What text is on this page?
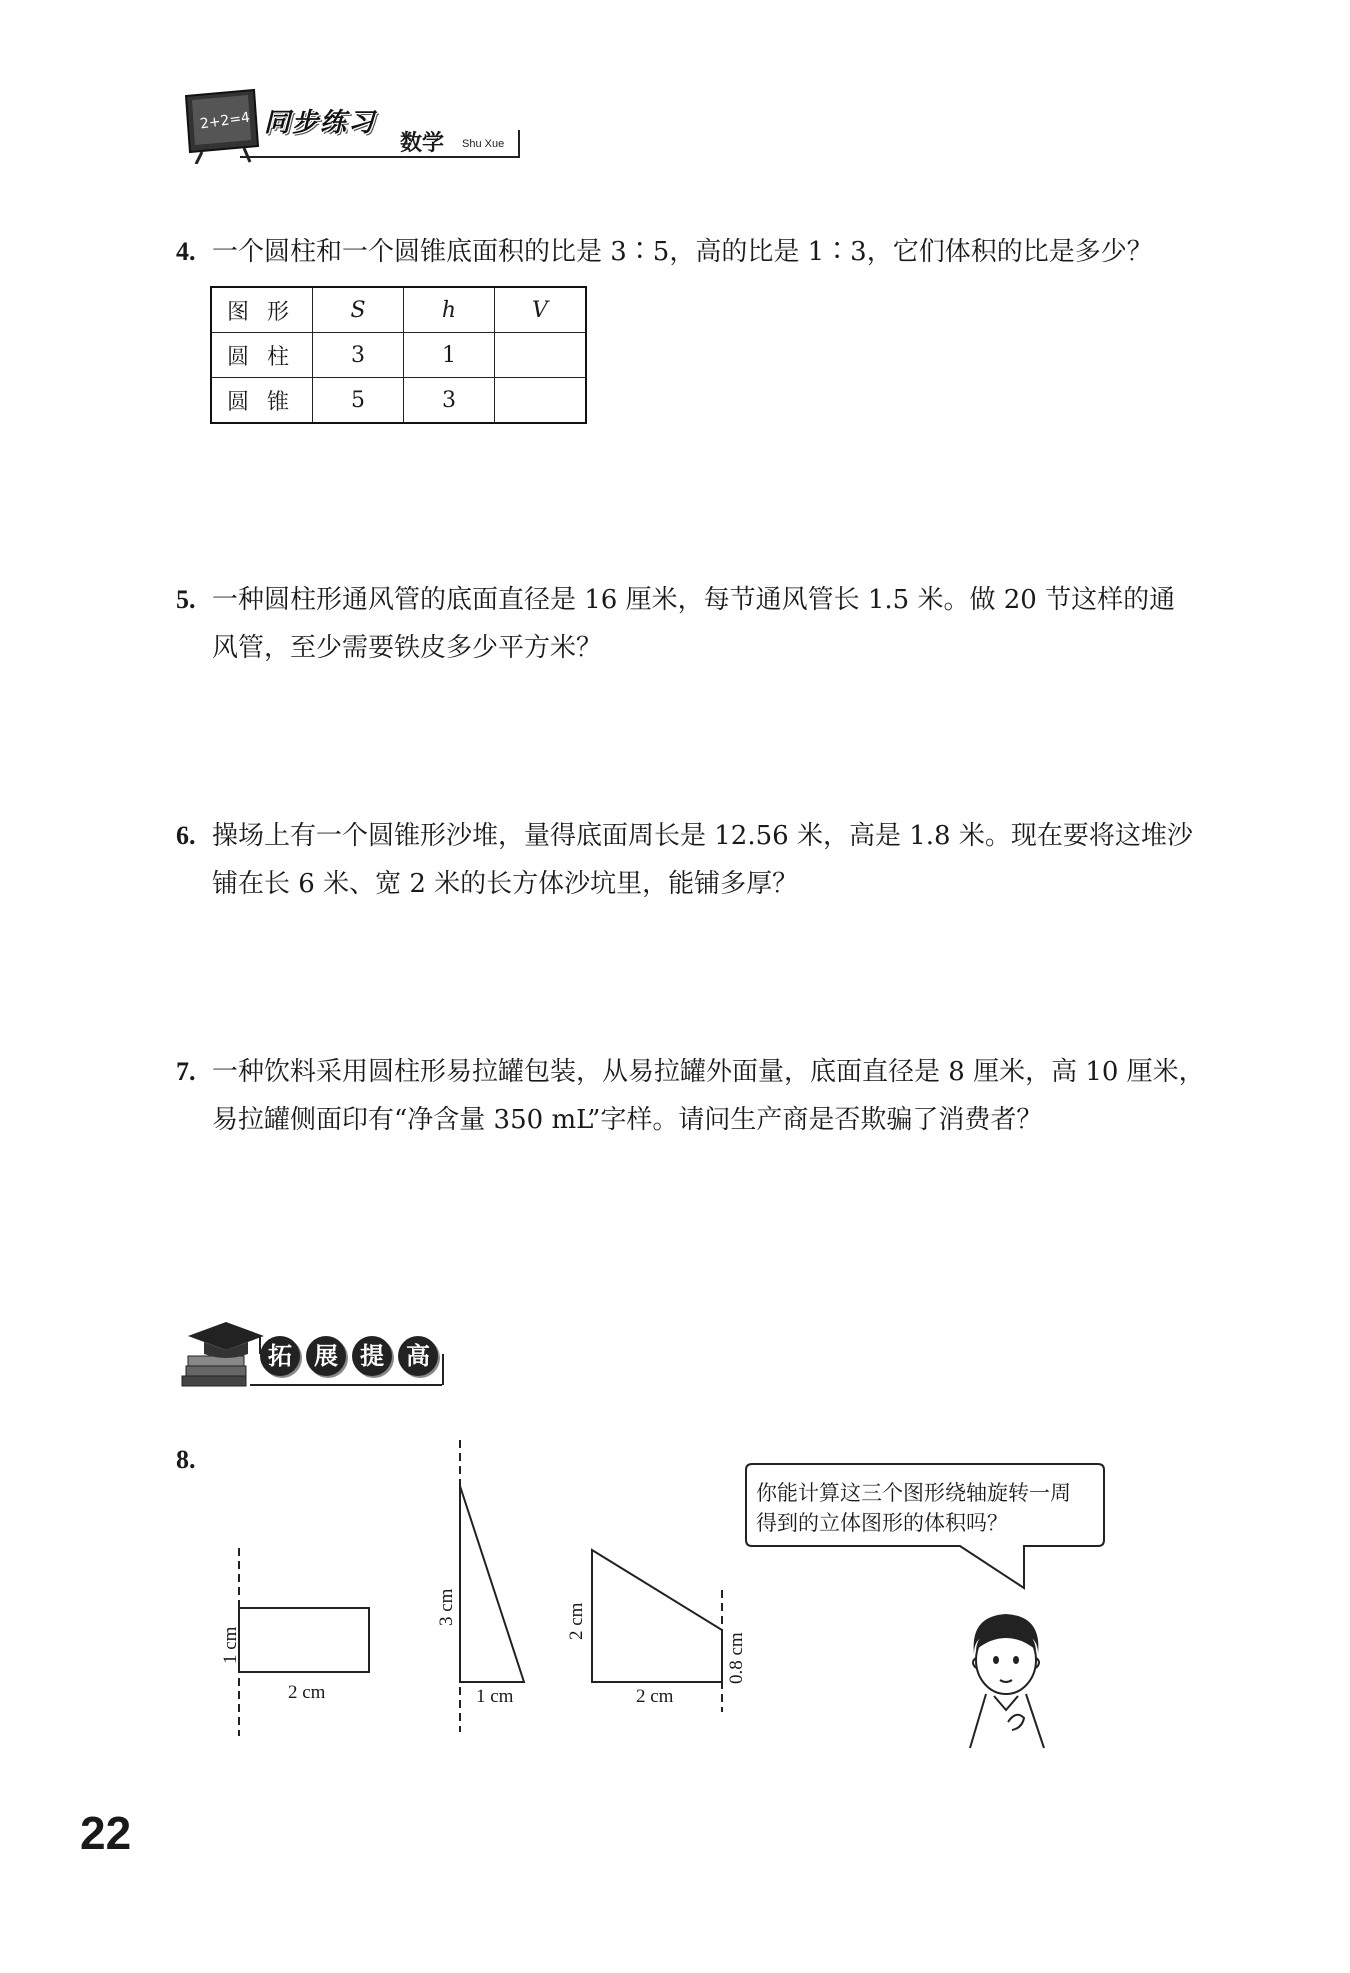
2+2=4 同步练习
数学 Shu Xue
4. 一个圆柱和一个圆锥底面积的比是 3∶5，高的比是 1∶3，它们体积的比是多少？
图形	S	h	V
圆柱	3	1	
圆锥	5	3	
5. 一种圆柱形通风管的底面直径是 16 厘米，每节通风管长 1.5 米。做 20 节这样的通
风管，至少需要铁皮多少平方米？
6. 操场上有一个圆锥形沙堆，量得底面周长是 12.56 米，高是 1.8 米。现在要将这堆沙
铺在长 6 米、宽 2 米的长方体沙坑里，能铺多厚？
7. 一种饮料采用圆柱形易拉罐包装，从易拉罐外面量，底面直径是 8 厘米，高 10 厘米，
易拉罐侧面印有“净含量 350 mL”字样。请问生产商是否欺骗了消费者？
拓 展 提 高
8.
1 cm
2 cm
3 cm
1 cm
2 cm
0.8 cm
2 cm
你能计算这三个图形绕轴旋转一周
得到的立体图形的体积吗？
22
